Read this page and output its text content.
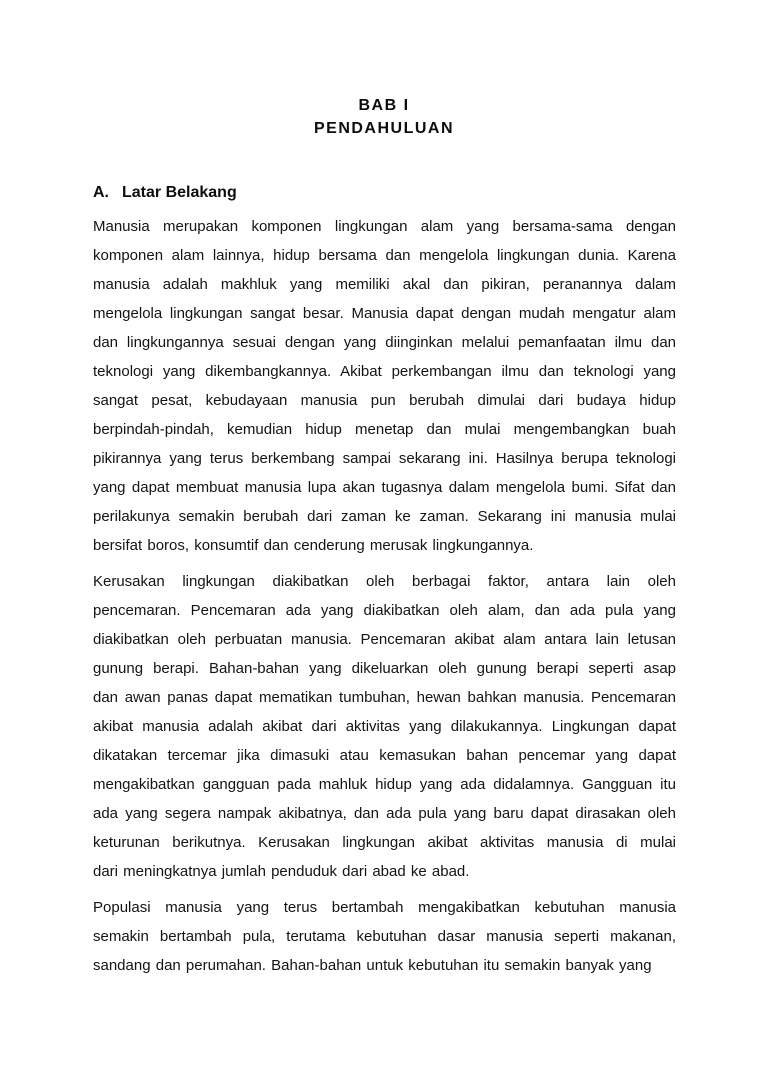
BAB I
PENDAHULUAN
A. Latar Belakang
Manusia merupakan komponen lingkungan alam yang bersama-sama dengan
komponen alam lainnya, hidup bersama dan mengelola lingkungan dunia. Karena
manusia adalah makhluk yang memiliki akal dan pikiran, peranannya dalam
mengelola lingkungan sangat besar. Manusia dapat dengan mudah mengatur alam
dan lingkungannya sesuai dengan yang diinginkan melalui pemanfaatan ilmu dan
teknologi yang dikembangkannya. Akibat perkembangan ilmu dan teknologi yang
sangat pesat, kebudayaan manusia pun berubah dimulai dari budaya hidup
berpindah-pindah, kemudian hidup menetap dan mulai mengembangkan buah
pikirannya yang terus berkembang sampai sekarang ini. Hasilnya berupa teknologi
yang dapat membuat manusia lupa akan tugasnya dalam mengelola bumi. Sifat dan
perilakunya semakin berubah dari zaman ke zaman. Sekarang ini manusia mulai
bersifat boros, konsumtif dan cenderung merusak lingkungannya.
Kerusakan lingkungan diakibatkan oleh berbagai faktor, antara lain oleh
pencemaran. Pencemaran ada yang diakibatkan oleh alam, dan ada pula yang
diakibatkan oleh perbuatan manusia. Pencemaran akibat alam antara lain letusan
gunung berapi. Bahan-bahan yang dikeluarkan oleh gunung berapi seperti asap
dan awan panas dapat mematikan tumbuhan, hewan bahkan manusia. Pencemaran
akibat manusia adalah akibat dari aktivitas yang dilakukannya. Lingkungan dapat
dikatakan tercemar jika dimasuki atau kemasukan bahan pencemar yang dapat
mengakibatkan gangguan pada mahluk hidup yang ada didalamnya. Gangguan itu
ada yang segera nampak akibatnya, dan ada pula yang baru dapat dirasakan oleh
keturunan berikutnya. Kerusakan lingkungan akibat aktivitas manusia di mulai
dari meningkatnya jumlah penduduk dari abad ke abad.
Populasi manusia yang terus bertambah mengakibatkan kebutuhan manusia
semakin bertambah pula, terutama kebutuhan dasar manusia seperti makanan,
sandang dan perumahan. Bahan-bahan untuk kebutuhan itu semakin banyak yang
